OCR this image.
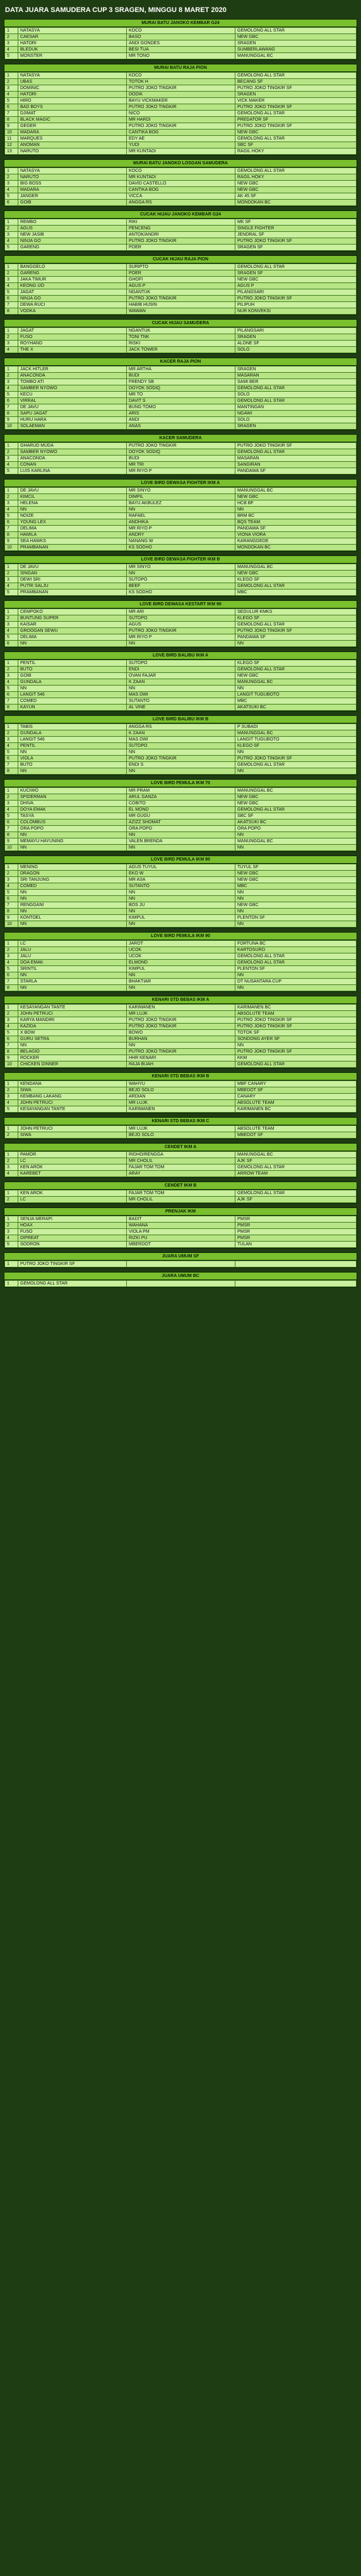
DATA JUARA SAMUDERA CUP 3 SRAGEN, MINGGU 8 MARET 2020
MURAI BATU JANOKO KEMBAR G24
1	NATASYA	KOCO	GEMOLONG ALL STAR
2	CAESAR	BASO	NEW GBC
3	HATORI	ANDI GONDES	SRAGEN
4	BLEDUK	BESI TUA	SUMBERLAWANG
5	MONSTER	MR TONO	MANUNGGAL BC
MURAI BATU RAJA PION
1	NATASYA	KOCO	GEMOLONG ALL STAR
2	UBAS	TOTOK H	BECANG SF
3	DOMINIC	PUTRO JOKO TINGKIR	PUTRO JOKO TINGKIR SF
4	HATORI	DODIK	SRAGEN
5	HIRO	BAYU VICKMAKER	VICK MAKER
6	BAD BOYS	PUTRO JOKO TINGKIR	PUTRO JOKO TINGKIR SF
7	DJIMAT	NICO	GEMOLONG ALL STAR
8	BLACK MAGIC	MR HARDI	PREDATOR SF
9	GEGER	PUTRO JOKO TINGKIR	PUTRO JOKO TINGKIR SF
10	MADARA	CANTIKA BOG	NEW GBC
11	MARQUES	EDY AE	GEMOLONG ALL STAR
12	ANOMAN	YUDI	SBC SF
13	NARUTO	MR KUNTADI	RAGIL HOKY
MURAI BATU JANOKO LOSGAN SAMUDERA
1	NATASYA	KOCO	GEMOLONG ALL STAR
2	NARUTO	MR KUNTADI	RAGIL HOKY
3	BIG BOSS	DAVID CASTELLO	NEW GBC
4	MADARA	CANTIKA BOG	NEW GBC
5	JANGER	VICCA	AK 45 SF
6	GOIB	ANGGA RS	MONDOKAN BC
CUCAK HIJAU JANOKO KEMBAR G24
1	REMBO	RIKI	MK SF
2	AGUS	PENCENG	SINGLE FIGHTER
3	NEW JASIB	ANTOK/ANDRI	JENDRAL SF
4	NINJA GO	PUTRO JOKO TINGKIR	PUTRO JOKO TINGKIR SF
5	GARENG	POER	SRAGEN SF
CUCAK HIJAU RAJA PION
1	BANGGELO	SURIPTO	GEMOLONG ALL STAR
2	GARENG	POER	SRAGEN SF
3	JAKA TIMUR	GHOFI	NEW GBC
4	KEONG IJO	AGUS P	AGUS P
5	JAGAT	NGANTUK	PILANGSARI
6	NINJA GO	PUTRO JOKO TINGKIR	PUTRO JOKO TINGKIR SF
7	DEWA RUCI	HABIB HUSIN	PILIPUH
8	VODKA	WAWAN	NUR KONVEKSI
CUCAK HIJAU SAMUDERA
1	JAGAT	NGANTUK	PILANGSARI
2	FUSO	TONI TNK	SRAGEN
3	ROYHAND	RISKI	ALONE SF
4	THE X	JACK TOWER	SOLO
KACER RAJA PION
1	JACK HITLER	MR ARTHA	SRAGEN
2	ANACONDA	BUDI	MASARAN
3	TOMBO ATI	FRENDY SB	SAMI BER
4	SAMBER NYOWO	DOYOK SODIQ	GEMOLONG ALL STAR
5	KECU	MR TO	SOLO
6	VIRRAL	DAVIT S	GEMOLONG ALL STAR
7	DE JAVU	BUNG TOMO	MANTINGAN
8	SAPU JAGAT	ARIS	NGAWI
9	HURU HARA	ANDI	SOLO
10	SOLAEMAN	ANAS	SRAGEN
KACER SAMUDERA
1	GHARUD MUDA	PUTRO JOKO TINGKIR	PUTRO JOKO TINGKIR SF
2	SAMBER NYOWO	DOYOK SODIQ	GEMOLONG ALL STAR
3	ANACONDA	BUDI	MASARAN
4	CONAN	MR TRI	SANGIRAN
5	LUIS KARLINA	MR RIYO P	PANDAWA SF
LOVE BIRD DEWASA FIGHTER IKM A
1	DE JAVU	MR SINYO	MANUNGGAL BC
2	KIMCIL	DIMPIL	NEW GBC
3	HELENA	BAYU AKBULEZ	HCB BF
4	NN	NN	NN
5	NOIZE	RAFAEL	BRM BC
6	YOUNG LEX	ANDHIKA	BQS TEAM
7	DELIMA	MR RIYO P	PANDAWA SF
8	HAMILA	ANDRY	VIONA VIORA
9	SEA HAWKS	NANANG W	KARANGGEDE
10	PRAMBANAN	KS SODHO	MONDOKAN BC
LOVE BIRD DEWASA FIGHTER IKM B
1	DE JAVU	MR SINYO	MANUNGGAL BC
2	SINGAN	NN	NEW GBC
3	DEWI SRI	SUTOPO	KLEGO SF
4	PUTRI SALJU	BEEF	GEMOLONG ALL STAR
5	PRAMBANAN	KS SODHO	MBC
LOVE BIRD DEWASA KESTART IKM 90
1	CEMPOKO	MR ARI	SEDULUR KMKS
2	BUNTUNG SUPER	SUTOPO	KLEGO SF
3	KAISAR	AGUS	GEMOLONG ALL STAR
4	GROOGAN SEWU	PUTRO JOKO TINGKIR	PUTRO JOKO TINGKIR SF
5	DELIMA	MR RIYO P	PANDAWA SF
6	NN	NN	NN
LOVE BIRD BALIBU IKM A
1	PENTIL	SUTOPO	KLEGO SF
2	BUTO	ENDI	GEMOLONG ALL STAR
3	GOIB	OVAN FAJAR	NEW GBC
4	GUNDALA	K ZAAN	MANUNGGAL BC
5	NN	NN	NN
6	LANGIT 546	MAS DWI	LANGIT TUGUBOTO
7	COMED	SUTANTO	MBC
8	KAYUN	AL VINE	AKATSUKI BC
LOVE BIRD BALIBU IKM B
1	TABIS	ANGGA RS	P SUBADI
2	GUNDALA	K ZAAN	MANUNGGAL BC
3	LANGIT 546	MAS DWI	LANGIT TUGUBOTO
4	PENTIL	SUTOPO	KLEGO SF
5	NN	NN	NN
6	VIOLA	PUTRO JOKO TINGKIR	PUTRO JOKO TINGKIR SF
7	BUTO	ENDI S	GEMOLONG ALL STAR
8	NN	NN	NN
LOVE BIRD PEMULA IKM 70
1	KUCIWO	MR PRAM	MANUNGGAL BC
2	SPIDERMAN	ARUL GANZA	NEW GBC
3	DHIVA	COBITO	NEW GBC
4	DOYA EMAK	EL MOND	GEMOLONG ALL STAR
5	TASYA	MR GUGU	SBC SF
6	COLOMBUS	AZIZZ SHOMAT	AKATSUKI BC
7	ORA POPO	ORA POPO	ORA POPO
8	NN	NN	NN
9	MEMAYU HAYUNING	VALEN BRENDA	MANUNGGAL BC
10	NN	NN	NN
LOVE BIRD PEMULA IKM 80
1	MENING	AGUS TUYUL	TUYUL SF
2	DRAGON	EKO W	NEW GBC
3	SRI TANJUNG	MR ASA	NEW GBC
4	COMED	SUTANTO	MBC
5	NN	NN	NN
6	NN	NN	NN
7	RENGGANI	BOS JU	NEW GBC
8	NN	NN	NN
9	KONTOEL	KIMPUL	PLENTON SF
10	NN	NN	NN
LOVE BIRD PEMULA IKM 90
1	LC	JAROT	FORTUNA BC
2	JALU	UCOK	KARTOSURO
3	JALU	UCOK	GEMOLONG ALL STAR
4	DOA EMAK	ELMOND	GEMOLONG ALL STAR
5	SRINTIL	KIMPUL	PLENTON SF
6	NN	NN	NN
7	STARLA	BHAKTIAR	DT NUSANTARA CUP
8	NN	NN	NN
KENARI STD BEBAS IKM A
1	KESAYANGAN TANTE	KARIMANEN	KARIMANEN BC
2	JOHN PETRUCI	MR LUJK	ABSOLUTE TEAM
3	KARYA MANDIRI	PUTRO JOKO TINGKIR	PUTRO JOKO TINGKIR SF
4	KAZIDA	PUTRO JOKO TINGKIR	PUTRO JOKO TINGKIR SF
5	X BOW	BOWO	TOTOK SF
6	GURU SETRA	BURHAN	SONDONG AYER SF
7	NN	NN	NN
8	BELAGIO	PUTRO JOKO TINGKIR	PUTRO JOKO TINGKIR SF
9	ROCKER	HHR KENARI	KKM
10	CHICKEN DINNER	RAJA BUAH	GEMOLONG ALL STAR
KENARI STD BEBAS IKM B
1	KENDANA	WAHYU	MBF CANARY
2	SIWA	BEJO SOLO	MBEDOT SF
3	KEMBANG LAKANG	ARDIAN	CANARY
4	JOHN PETRUCI	MR LUJK	ABSOLUTE TEAM
5	KESAYANGAN TANTE	KARIMANEN	KARIMANEN BC
KENARI STD BEBAS IKM C
1	JOHN PETRUCI	MR LUJK	ABSOLUTE TEAM
2	SIWA	BEJO SOLO	MBEDOT SF
CENDET IKM A
1	PAMOR	RIDHO/RENGGA	MANUNGGAL BC
2	LC	MR CHOLIL	AJK SF
3	KEN AROK	FAJAR TOM TOM	GEMOLONG ALL STAR
4	KAREBET	ARAY	ARROW TEAM
CENDET IKM B
1	KEN AROK	FAJAR TOM TOM	GEMOLONG ALL STAR
2	LC	MR CHOLIL	AJK SF
PRENJAK IKM
1	SENJA MERAPI	BADIT	PMSR
2	HOAX	WAHANA	PMSR
3	FUSO	VIOLA PM	PMSR
4	DIPREAT	RIZKI PU	PMSR
5	SODRON	MBERDOT	TULAN
JUARA UMUM SF
1	PUTRO JOKO TINGKIR SF		
JUARA UMUM BC
1	GEMOLONG ALL STAR		
